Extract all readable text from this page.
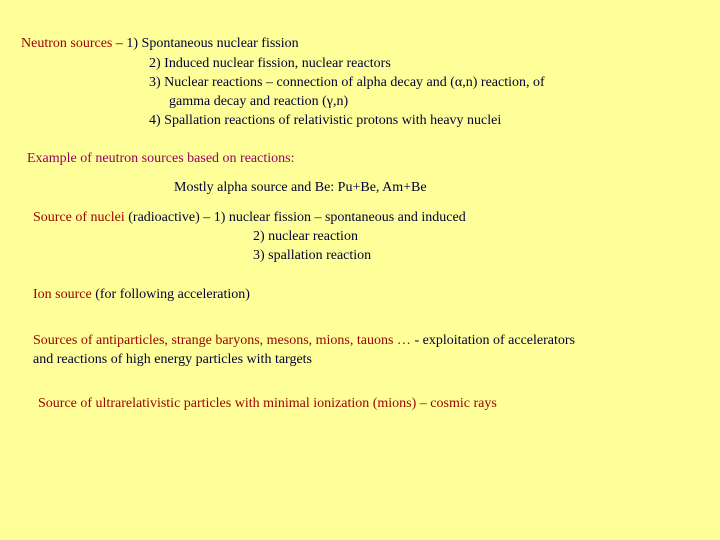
Neutron sources – 1) Spontaneous nuclear fission
2) Induced nuclear fission, nuclear reactors
3) Nuclear reactions – connection of alpha decay and (α,n) reaction, of
gamma decay and reaction (γ,n)
4) Spallation reactions of relativistic protons with heavy nuclei
Example of neutron sources based on reactions:
Mostly alpha source and Be: Pu+Be, Am+Be
Source of nuclei (radioactive) – 1) nuclear fission – spontaneous and induced
2) nuclear reaction
3) spallation reaction
Ion source (for following acceleration)
Sources of antiparticles, strange baryons, mesons, mions, tauons … - exploitation of accelerators
and reactions of high energy particles with targets
Source of ultrarelativistic particles with minimal ionization (mions) – cosmic rays
